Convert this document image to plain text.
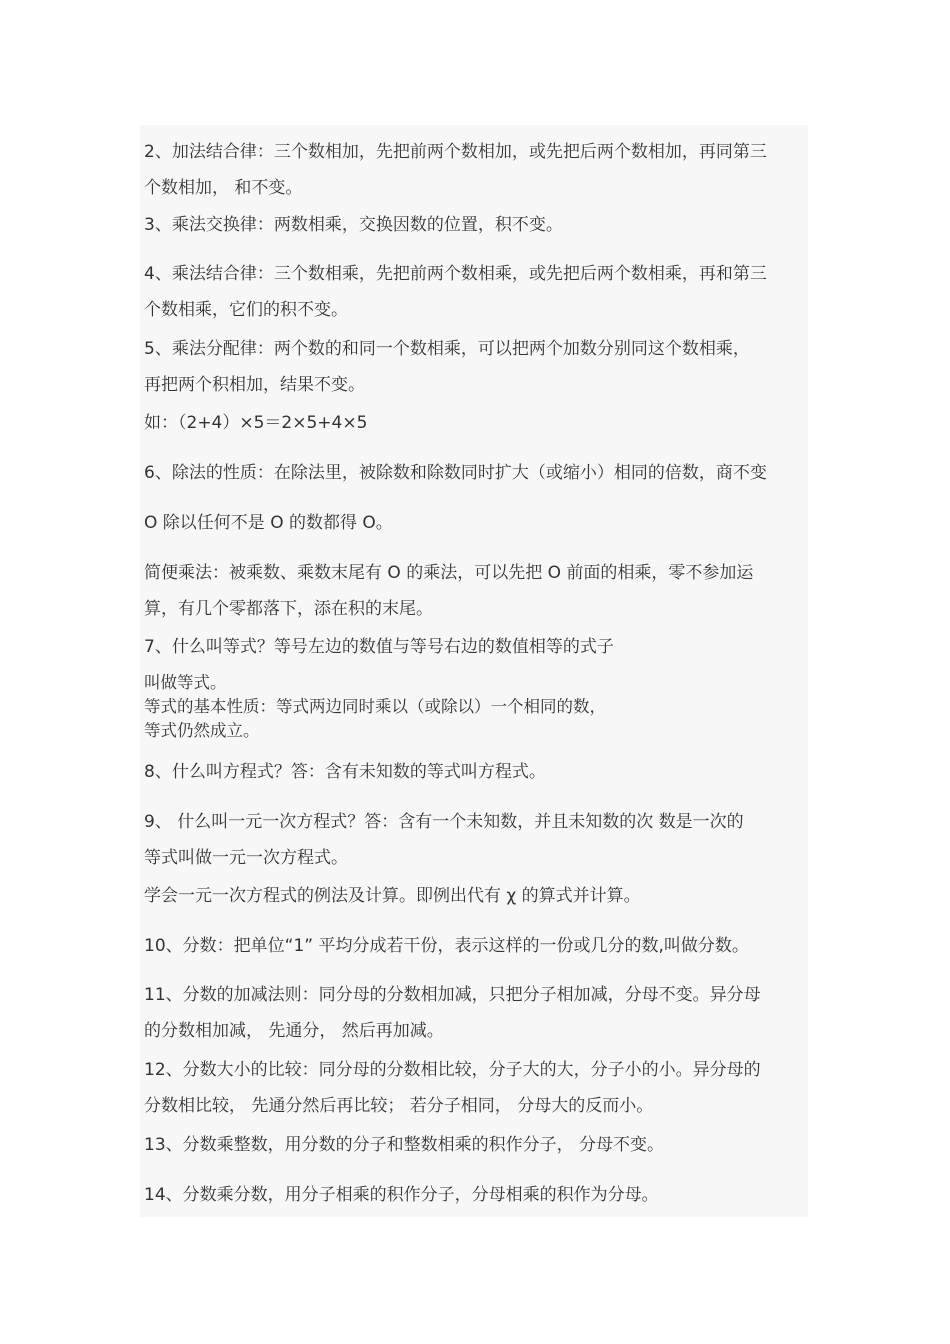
2、加法结合律：三个数相加，先把前两个数相加，或先把后两个数相加，再同第三
个数相加， 和不变。

3、乘法交换律：两数相乘，交换因数的位置，积不变。

4、乘法结合律：三个数相乘，先把前两个数相乘，或先把后两个数相乘，再和第三
个数相乘，它们的积不变。

5、乘法分配律：两个数的和同一个数相乘，可以把两个加数分别同这个数相乘，
再把两个积相加，结果不变。

如：（2+4）×5＝2×5+4×5

6、除法的性质：在除法里，被除数和除数同时扩大（或缩小）相同的倍数，商不变

O 除以任何不是 O 的数都得 O。

简便乘法：被乘数、乘数末尾有 O 的乘法，可以先把 O 前面的相乘，零不参加运
算，有几个零都落下，添在积的末尾。

7、什么叫等式？等号左边的数值与等号右边的数值相等的式子

叫做等式。
等式的基本性质：等式两边同时乘以（或除以）一个相同的数，
等式仍然成立。

8、什么叫方程式？答：含有未知数的等式叫方程式。

9、 什么叫一元一次方程式？答：含有一个未知数，并且未知数的次 数是一次的
等式叫做一元一次方程式。

学会一元一次方程式的例法及计算。即例出代有 χ 的算式并计算。

10、分数：把单位“1” 平均分成若干份，表示这样的一份或几分的数,叫做分数。

11、分数的加减法则：同分母的分数相加减，只把分子相加减，分母不变。异分母
的分数相加减， 先通分， 然后再加减。

12、分数大小的比较：同分母的分数相比较，分子大的大，分子小的小。异分母的
分数相比较， 先通分然后再比较； 若分子相同， 分母大的反而小。

13、分数乘整数，用分数的分子和整数相乘的积作分子， 分母不变。

14、分数乘分数，用分子相乘的积作分子，分母相乘的积作为分母。
